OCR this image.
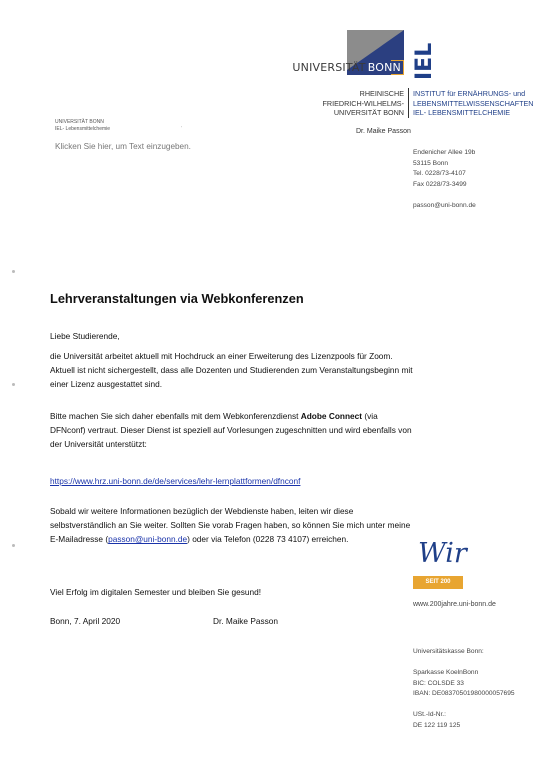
UNIVERSITÄT BONN IEL
RHEINISCHE
FRIEDRICH-WILHELMS-
UNIVERSITÄT BONN
INSTITUT für ERNÄHRUNGS- und
LEBENSMITTELWISSENSCHAFTEN
IEL- LEBENSMITTELCHEMIE
UNIVERSITÄT BONN
IEL- Lebensmittelchemie	'	Dr. Maike Passon
Klicken Sie hier, um Text einzugeben.
Endenicher Allee 19b
53115 Bonn
Tel. 0228/73-4107
Fax 0228/73-3499
passon@uni-bonn.de
Lehrveranstaltungen via Webkonferenzen
Liebe Studierende,
die Universität arbeitet aktuell mit Hochdruck an einer Erweiterung des Lizenzpools für Zoom. Aktuell ist nicht sichergestellt, dass alle Dozenten und Studierenden zum Veranstaltungsbeginn mit einer Lizenz ausgestattet sind.
Bitte machen Sie sich daher ebenfalls mit dem Webkonferenzdienst Adobe Connect (via DFNconf) vertraut. Dieser Dienst ist speziell auf Vorlesungen zugeschnitten und wird ebenfalls von der Universität unterstützt:
https://www.hrz.uni-bonn.de/de/services/lehr-lernplattformen/dfnconf
Sobald wir weitere Informationen bezüglich der Webdienste haben, leiten wir diese selbstverständlich an Sie weiter. Sollten Sie vorab Fragen haben, so können Sie mich unter meine E-Mailadresse (passon@uni-bonn.de) oder via Telefon (0228 73 4107) erreichen.
Viel Erfolg im digitalen Semester und bleiben Sie gesund!
Bonn, 7. April 2020	Dr. Maike Passon
Wir
SEIT 200 JAHREN
www.200jahre.uni-bonn.de
Universitätskasse Bonn:
Sparkasse KoelnBonn
BIC: COLSDE 33
IBAN: DE08370501980000057695
USt.-Id-Nr.:
DE 122 119 125
